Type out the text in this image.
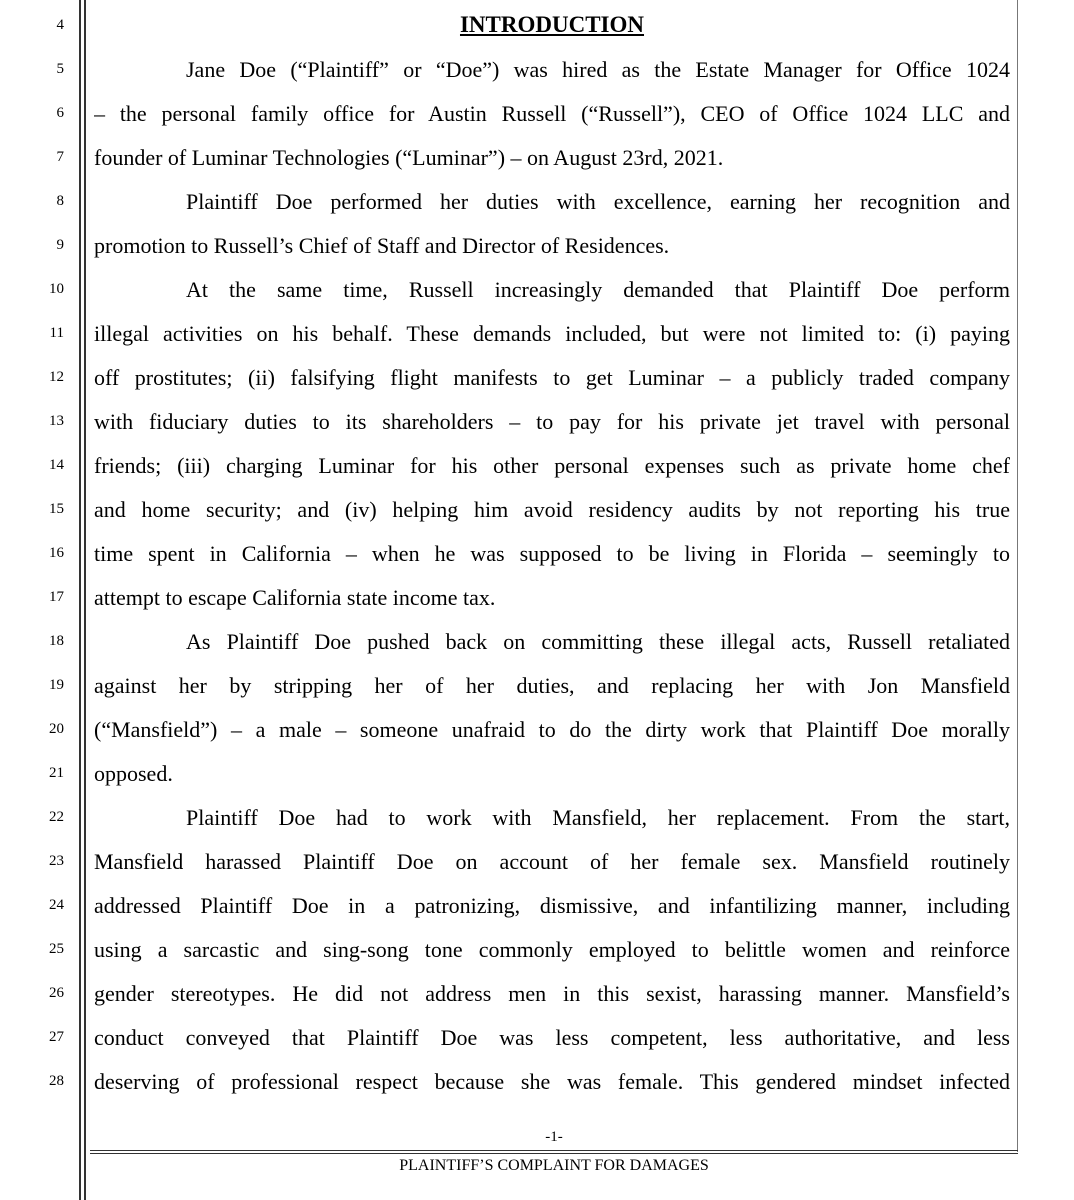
4
5
6
7
8
9
10
11
12
13
14
15
16
17
18
19
20
21
22
23
24
25
26
27
28
INTRODUCTION
Jane Doe (“Plaintiff” or “Doe”) was hired as the Estate Manager for Office 1024
– the personal family office for Austin Russell (“Russell”), CEO of Office 1024 LLC and
founder of Luminar Technologies (“Luminar”) – on August 23rd, 2021.
Plaintiff Doe performed her duties with excellence, earning her recognition and
promotion to Russell’s Chief of Staff and Director of Residences.
At the same time, Russell increasingly demanded that Plaintiff Doe perform
illegal activities on his behalf. These demands included, but were not limited to: (i) paying
off prostitutes; (ii) falsifying flight manifests to get Luminar – a publicly traded company
with fiduciary duties to its shareholders – to pay for his private jet travel with personal
friends; (iii) charging Luminar for his other personal expenses such as private home chef
and home security; and (iv) helping him avoid residency audits by not reporting his true
time spent in California – when he was supposed to be living in Florida – seemingly to
attempt to escape California state income tax.
As Plaintiff Doe pushed back on committing these illegal acts, Russell retaliated
against her by stripping her of her duties, and replacing her with Jon Mansfield
(“Mansfield”) – a male – someone unafraid to do the dirty work that Plaintiff Doe morally
opposed.
Plaintiff Doe had to work with Mansfield, her replacement. From the start,
Mansfield harassed Plaintiff Doe on account of her female sex. Mansfield routinely
addressed Plaintiff Doe in a patronizing, dismissive, and infantilizing manner, including
using a sarcastic and sing-song tone commonly employed to belittle women and reinforce
gender stereotypes. He did not address men in this sexist, harassing manner. Mansfield’s
conduct conveyed that Plaintiff Doe was less competent, less authoritative, and less
deserving of professional respect because she was female. This gendered mindset infected
-1-
PLAINTIFF’S COMPLAINT FOR DAMAGES
